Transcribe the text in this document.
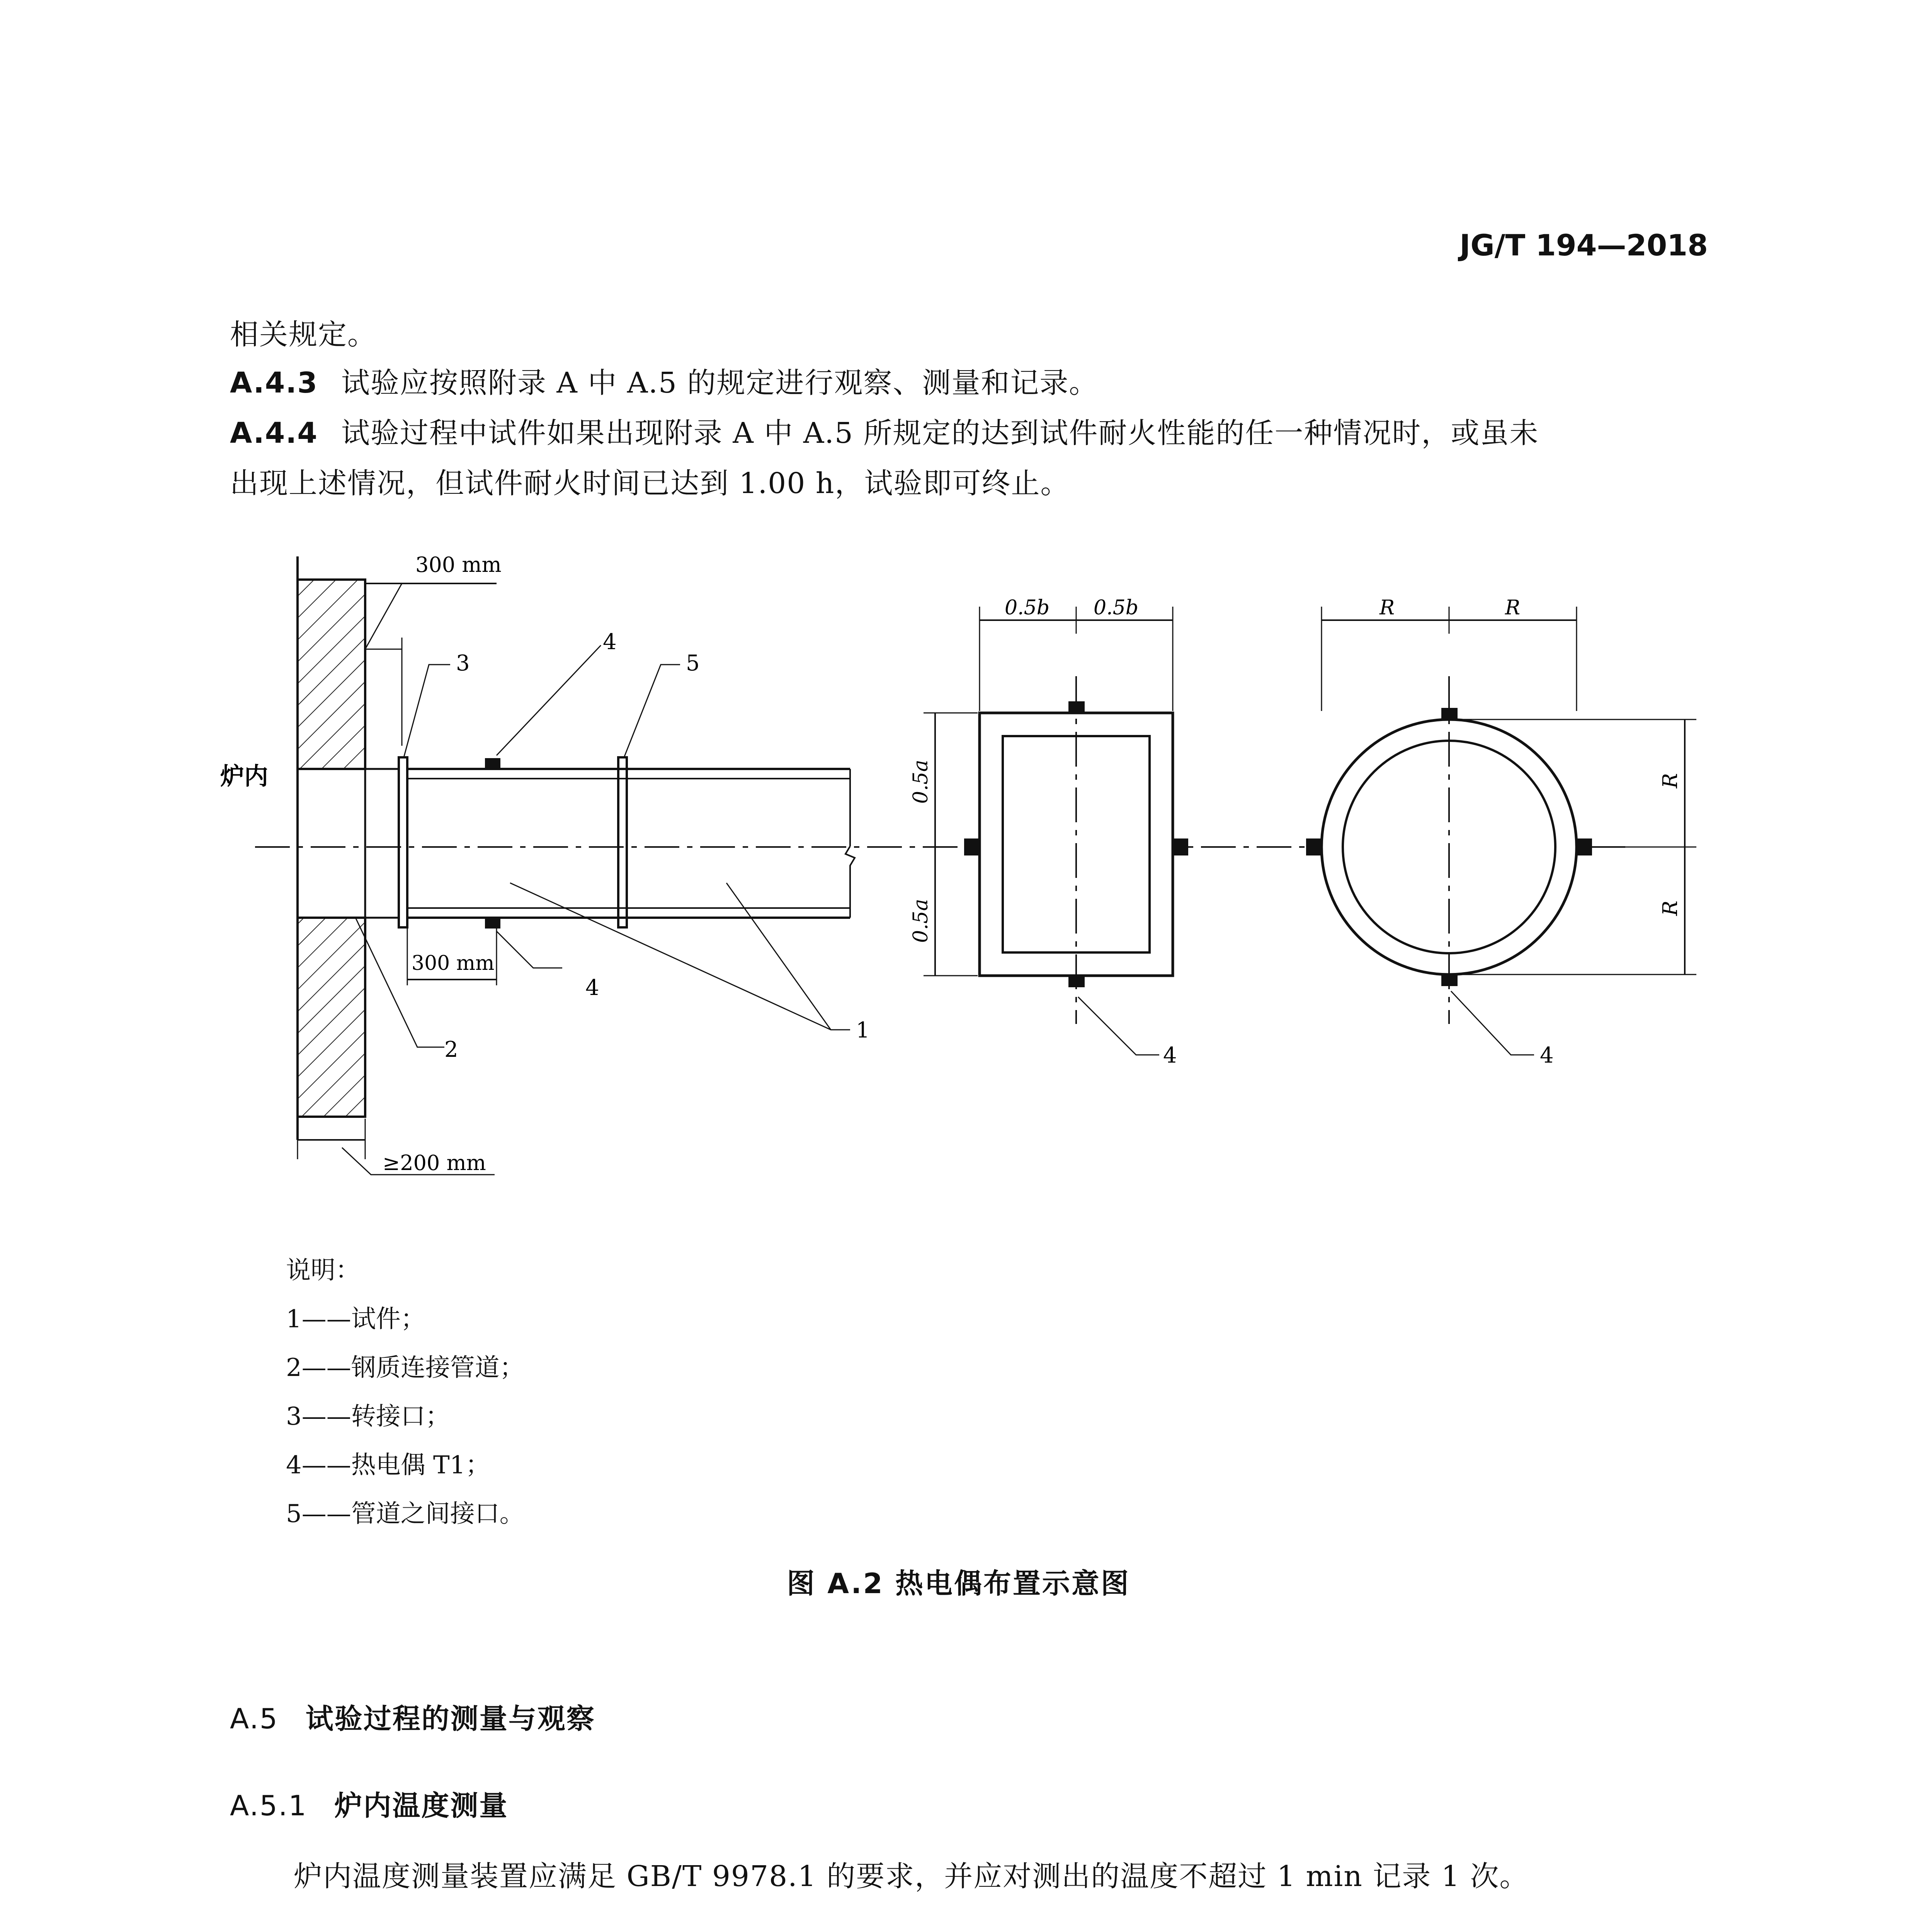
JG/T 194—2018
相关规定。
A.4.3 试验应按照附录 A 中 A.5 的规定进行观察、测量和记录。
A.4.4 试验过程中试件如果出现附录 A 中 A.5 所规定的达到试件耐火性能的任一种情况时，或虽未
出现上述情况，但试件耐火时间已达到 1.00 h，试验即可终止。
炉内
300 mm
300 mm
≥200 mm
3
4
5
4
2
1
0.5b 0.5b
0.5a
0.5a
4
R	R
R
R
4
说明：
1——试件；
2——钢质连接管道；
3——转接口；
4——热电偶 T1；
5——管道之间接口。
图 A.2 热电偶布置示意图
A.5 试验过程的测量与观察
A.5.1 炉内温度测量
炉内温度测量装置应满足 GB/T 9978.1 的要求，并应对测出的温度不超过 1 min 记录 1 次。
